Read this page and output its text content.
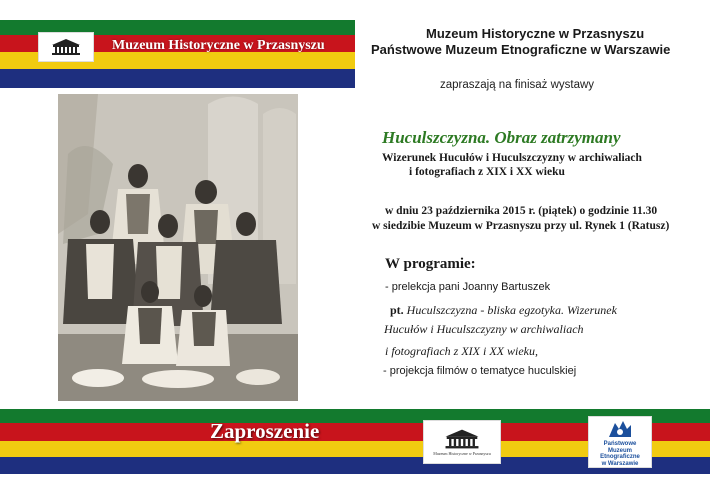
Muzeum Historyczne w Przasnyszu
Muzeum Historyczne w Przasnyszu
Państwowe Muzeum Etnograficzne w Warszawie
zapraszają na finisaż wystawy
Huculszczyzna. Obraz zatrzymany
Wizerunek Hucułów i Huculszczyzny w archiwaliach
i fotografiach z XIX i XX wieku
w dniu 23 października 2015 r. (piątek) o godzinie 11.30
w siedzibie Muzeum w Przasnyszu przy ul. Rynek 1 (Ratusz)
W programie:
- prelekcja pani Joanny Bartuszek
pt. Huculszczyzna - bliska egzotyka. Wizerunek
Hucułów i Huculszczyzny w archiwaliach
i fotografiach z XIX i XX wieku,
- projekcja filmów o tematyce huculskiej
Zaproszenie
Muzeum Historyczne w Przasnyszu
Państwowe
Muzeum Etnograficzne
w Warszawie
